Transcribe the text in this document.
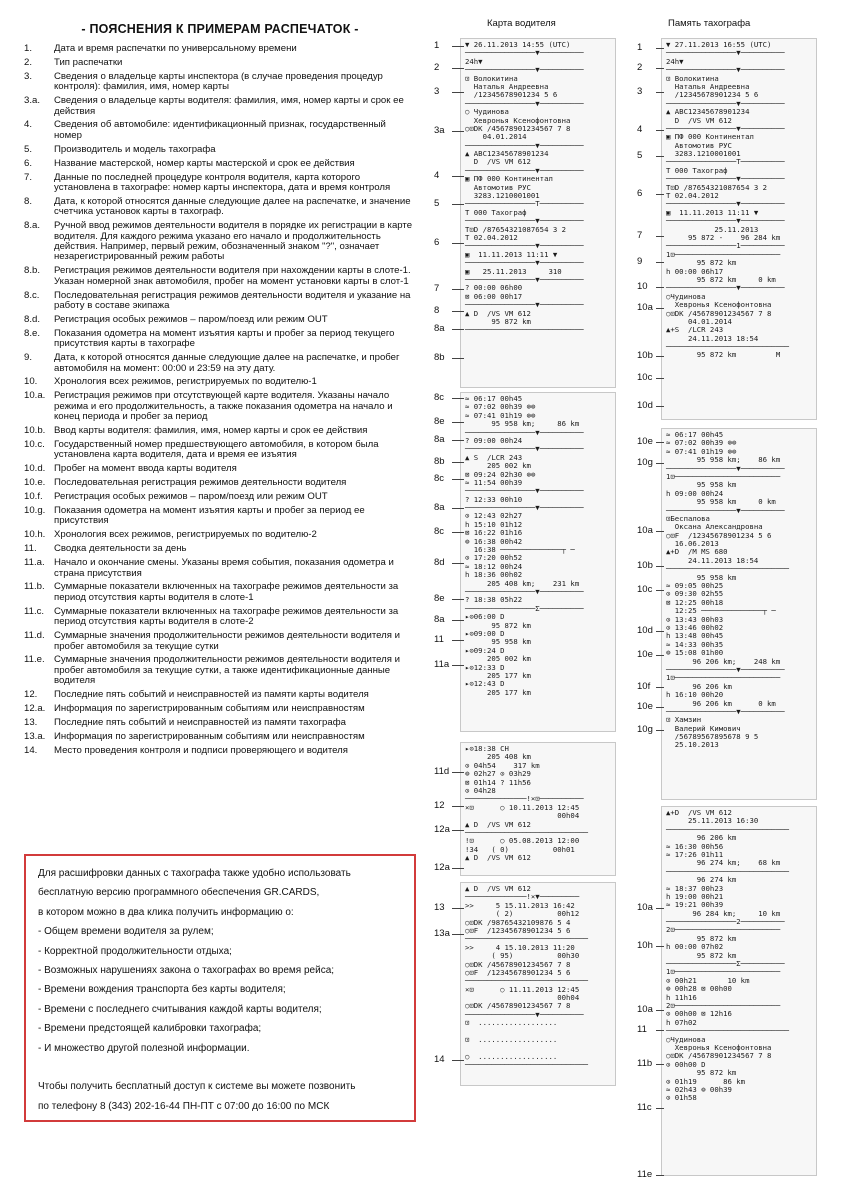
- ПОЯСНЕНИЯ К ПРИМЕРАМ РАСПЕЧАТОК -
1.	Дата и время распечатки по универсальному времени
2.	Тип распечатки
3.	Сведения о владельце карты инспектора (в случае проведения процедур контроля): фамилия, имя, номер карты
3.a.	Сведения о владельце карты водителя: фамилия, имя, номер карты и срок ее действия
4.	Сведения об автомобиле: идентификационный признак, государственный номер
5.	Производитель и модель тахографа
6.	Название мастерской, номер карты мастерской и срок ее действия
7.	Данные по последней процедуре контроля водителя, карта которого установлена в тахографе: номер карты инспектора, дата и время контроля
8.	Дата, к которой относятся данные следующие далее на распечатке, и значение счетчика установок карты в тахограф.
8.a.	Ручной ввод режимов деятельности водителя в порядке их регистрации в карте водителя. Для каждого режима указано его начало и продолжительность действия. Например, первый режим, обозначенный знаком "?", означает незарегистрированный режим работы
8.b.	Регистрация режимов деятельности водителя при нахождении карты в слоте-1. Указан номерной знак автомобиля, пробег на момент установки карты в слот-1
8.c.	Последовательная регистрация режимов деятельности водителя и указание на работу в составе экипажа
8.d.	Регистрация особых режимов – паром/поезд или режим OUT
8.e.	Показания одометра на момент изъятия карты и пробег за период текущего присутствия карты в тахографе
9.	Дата, к которой относятся данные следующие далее на распечатке, и пробег автомобиля на момент: 00:00 и 23:59 на эту дату.
10.	Хронология всех режимов, регистрируемых по водителю-1
10.a. Регистрация режимов при отсутствующей карте водителя. Указаны начало режима и его продолжительность, а также показания одометра на начало и конец периода и пробег за период
10.b. Ввод карты водителя: фамилия, имя, номер карты и срок ее действия
10.c. Государственный номер предшествующего автомобиля, в котором была установлена карта водителя, дата и время ее изъятия
10.d. Пробег на момент ввода карты водителя
10.e. Последовательная регистрация режимов деятельности водителя
10.f.	Регистрация особых режимов – паром/поезд или режим OUT
10.g. Показания одометра на момент изъятия карты и пробег за период ее присутствия
10.h. Хронология всех режимов, регистрируемых по водителю-2
11.	Сводка деятельности за день
11.a. Начало и окончание смены. Указаны время события, показания одометра и страна присутствия
11.b. Суммарные показатели включенных на тахографе режимов деятельности за период отсутствия карты водителя в слоте-1
11.c.	Суммарные показатели включенных на тахографе режимов деятельности за период отсутствия карты водителя в слоте-2
11.d. Суммарные значения продолжительности режимов деятельности водителя и пробег автомобиля за текущие сутки
11.e. Суммарные значения продолжительности режимов деятельности водителя и пробег автомобиля за текущие сутки, а также идентификационные данные водителя
12.	Последние пять событий и неисправностей из памяти карты водителя
12.a. Информация по зарегистрированным событиям или неисправностям
13.	Последние пять событий и неисправностей из памяти тахографа
13.a. Информация по зарегистрированным событиям или неисправностям
14.	Место проведения контроля и подписи проверяющего и водителя

Для расшифровки данных с тахографа также удобно использовать

бесплатную версию программного обеспечения GR.CARDS,

в котором можно в два клика получить информацию о:

- Общем времени водителя за рулем;

- Корректной продолжительности отдыха;

- Возможных нарушениях закона о тахографах во время рейса;

- Времени вождения транспорта без карты водителя;

- Времени с последнего считывания каждой карты водителя;

- Времени предстоящей калибровки тахографа;

- И множество другой полезной информации.

Чтобы получить бесплатный доступ к системе вы можете позвонить

по телефону 8 (343) 202-16-44 ПН-ПТ с 07:00 до 16:00 по МСК

Карта водителя	Память тахографа
▼ 26.11.2013 14:55 (UTC)
────────────────▼──────────
24h▼
────────────────▼──────────
⊡ Волокитина
Наталья Андреевна
/12345678901234 5 6
────────────────▼──────────
○ Чудинова
Хевронья Ксенофонтовна
○⊡DK /45678901234567 7 8
04.01.2014
────────────────▼──────────
▲ ABC12345678901234
D  /VS VM 612
────────────────▼──────────
▣ ПФ 000 Континентал
Автомотив РУС
3283.1210001001
────────────────T──────────
T 000 Тахограф
────────────────▼──────────
T⊡D /87654321087654 3 2
T 02.04.2012
────────────────▼──────────
▣  11.11.2013 11:11 ▼
────────────────▼──────────
▣   25.11.2013     310
────────────────▼──────────
? 00:00 06h00
⊠ 06:00 00h17
────────────────▼──────────
▲ D  /VS VM 612
95 872 km
───────────────────────────
≈ 06:17 00h45
≈ 07:02 00h39 ⊚⊚
≈ 07:41 01h19 ⊚⊚
95 958 km;     86 km
────────────────▼──────────
? 09:00 00h24
────────────────▼──────────
▲ S  /LCR 243
205 002 km
⊠ 09:24 02h30 ⊚⊚
≈ 11:54 00h39
────────────────▼──────────
? 12:33 00h10
────────────────▼──────────
⊙ 12:43 02h27
h 15:10 01h12
⊠ 16:22 01h16
⊚ 16:38 00h42
16:38 ──────────────┬ ─
⊙ 17:20 00h52
≈ 18:12 00h24
h 18:36 00h02
205 408 km;    231 km
────────────────▼──────────
? 18:38 05h22
────────────────Σ──────────
▸⊙06:00 D
95 872 km
▸⊙09:00 D
95 958 km
▸⊙09:24 D
205 002 km
▸⊙12:33 D
205 177 km
▸⊙12:43 D
205 177 km
▸⊙18:38 CH
205 408 km
⊙ 04h54    317 km
⊚ 02h27 ⊙ 03h29
⊠ 01h14 ? 11h56
⊙ 04h28
──────────────!×⊡──────────
×⊡      ○ 10.11.2013 12:45
00h04
▲ D  /VS VM 612
────────────────────────────
!⊡      ○ 05.08.2013 12:00
!34   ( 0)          00h01
▲ D  /VS VM 612
▲ D  /VS VM 612
──────────────!×▼─────────
>>     5 15.11.2013 16:42
( 2)          00h12
○⊡DK /98765432109876 5 4
○⊡F  /12345678901234 5 6
────────────────────────────
>>     4 15.10.2013 11:20
( 95)          00h30
○⊡DK /45678901234567 7 8
○⊡F  /12345678901234 5 6
────────────────────────────
×⊡      ○ 11.11.2013 12:45
00h04
○⊡DK /45678901234567 7 8
────────────────▼──────────
⊡  ..................

⊡  ..................

○  ..................
────────────────────────────
▼ 27.11.2013 16:55 (UTC)
────────────────▼──────────
24h▼
────────────────▼──────────
⊡ Волокитина
Наталья Андреевна
/12345678901234 5 6
────────────────▼──────────
▲ ABC12345678901234
D  /VS VM 612
────────────────▼──────────
▣ ПФ 000 Континентал
Автомотив РУС
3283.1210001001
────────────────T──────────
T 000 Тахограф
────────────────▼──────────
T⊡D /87654321087654 3 2
T 02.04.2012
────────────────▼──────────
▣  11.11.2013 11:11 ▼
────────────────▼──────────
25.11.2013
95 872 -    96 284 km
────────────────1──────────
1⊡────────────────────────
95 872 km
h 00:00 06h17
95 872 km     0 km
────────────────▼──────────
○Чудинова
Хевронья Ксенофонтовна
○⊡DK /45678901234567 7 8
04.01.2014
▲+S  /LCR 243
24.11.2013 18:54
────────────────────────────
95 872 km         M
≈ 06:17 00h45
≈ 07:02 00h39 ⊚⊚
≈ 07:41 01h19 ⊚⊚
95 958 km;    86 km
────────────────▼──────────
1⊡────────────────────────
95 958 km
h 09:00 00h24
95 958 km     0 km
────────────────▼──────────
⊡Беспалова
Оксана Александровна
○⊡F  /12345678901234 5 6
16.06.2013
▲+D  /M MS 680
24.11.2013 18:54
────────────────────────────
95 958 km
≈ 09:05 00h25
⊙ 09:30 02h55
⊠ 12:25 00h18
12:25 ──────────────┬ ─
⊙ 13:43 00h03
⊙ 13:46 00h02
h 13:48 00h45
≈ 14:33 00h35
⊚ 15:08 01h00
96 206 km;    248 km
────────────────▼──────────
1⊡────────────────────────
96 206 km
h 16:10 00h20
96 206 km      0 km
────────────────▼──────────
⊡ Хамзин
Валерий Кимович
/56789567895678 9 5
25.10.2013
▲+D  /VS VM 612
25.11.2013 16:30
────────────────────────────
96 206 km
≈ 16:30 00h56
≈ 17:26 01h11
96 274 km;    68 km
────────────────────────────
96 274 km
≈ 18:37 00h23
h 19:00 00h21
≈ 19:21 00h39
96 284 km;     10 km
────────────────2──────────
2⊡────────────────────────
95 872 km
h 00:00 07h02
95 872 km
────────────────Σ──────────
1⊡────────────────────────
⊙ 00h21       10 km
⊚ 00h28 ⊠ 00h00
h 11h16
2⊡────────────────────────
⊙ 00h00 ⊠ 12h16
h 07h02
────────────────────────────
○Чудинова
Хевронья Ксенофонтовна
○⊡DK /45678901234567 7 8
⊙ 00h00 D
95 872 km
⊙ 01h19      86 km
≈ 02h43 ⊚ 00h39
⊙ 01h58
1
2
3
3a
4
5
6
7
8
8a
8b
8c
8e
8a
8b
8c
8a
8c
8d
8e
8a
11
11a
11d
12
12a
12a
13
13a
14
1
2
3
4
5
6
7
9
10
10a
10b
10c
10d
10e
10g
10a
10b
10c
10d
10e
10f
10e
10g
10a
10h
10a
11
11b
11c
11e
